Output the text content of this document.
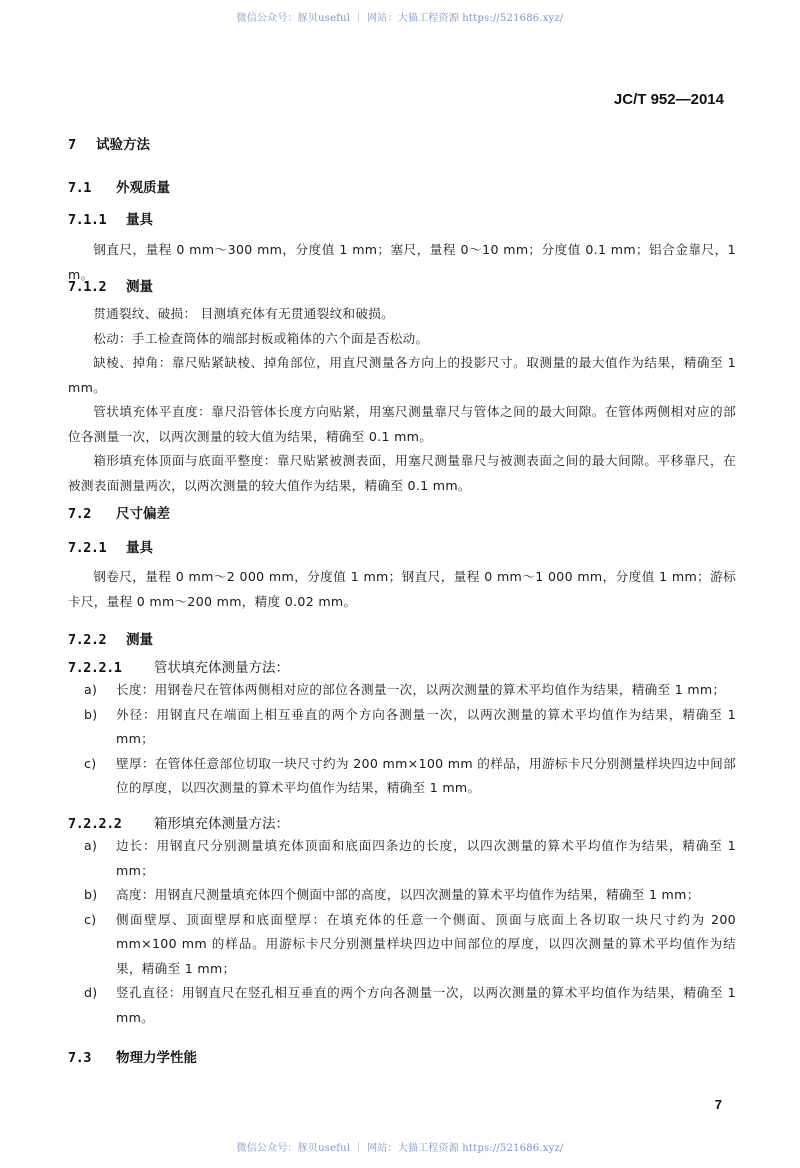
微信公众号：豚贝useful ｜ 网站：大猫工程资源 https://521686.xyz/
JC/T 952—2014
7 试验方法
7.1 外观质量
7.1.1 量具
钢直尺，量程 0 mm～300 mm，分度值 1 mm；塞尺，量程 0～10 mm；分度值 0.1 mm；铝合金靠尺，1 m。
7.1.2 测量
贯通裂纹、破损： 目测填充体有无贯通裂纹和破损。
松动：手工检查筒体的端部封板或箱体的六个面是否松动。
缺棱、掉角：靠尺贴紧缺棱、掉角部位，用直尺测量各方向上的投影尺寸。取测量的最大值作为结果，精确至 1 mm。
管状填充体平直度：靠尺沿管体长度方向贴紧，用塞尺测量靠尺与管体之间的最大间隙。在管体两侧相对应的部位各测量一次，以两次测量的较大值为结果，精确至 0.1 mm。
箱形填充体顶面与底面平整度：靠尺贴紧被测表面，用塞尺测量靠尺与被测表面之间的最大间隙。平移靠尺，在被测表面测量两次，以两次测量的较大值作为结果，精确至 0.1 mm。
7.2 尺寸偏差
7.2.1 量具
钢卷尺，量程 0 mm～2 000 mm，分度值 1 mm；钢直尺，量程 0 mm～1 000 mm，分度值 1 mm；游标卡尺，量程 0 mm～200 mm，精度 0.02 mm。
7.2.2 测量
7.2.2.1 管状填充体测量方法：
a) 长度：用钢卷尺在管体两侧相对应的部位各测量一次，以两次测量的算术平均值作为结果，精确至 1 mm；
b) 外径：用钢直尺在端面上相互垂直的两个方向各测量一次，以两次测量的算术平均值作为结果，精确至 1 mm；
c) 壁厚：在管体任意部位切取一块尺寸约为 200 mm×100 mm 的样品，用游标卡尺分别测量样块四边中间部位的厚度，以四次测量的算术平均值作为结果，精确至 1 mm。
7.2.2.2 箱形填充体测量方法：
a) 边长：用钢直尺分别测量填充体顶面和底面四条边的长度，以四次测量的算术平均值作为结果，精确至 1 mm；
b) 高度：用钢直尺测量填充体四个侧面中部的高度，以四次测量的算术平均值作为结果，精确至 1 mm；
c) 侧面壁厚、顶面壁厚和底面壁厚：在填充体的任意一个侧面、顶面与底面上各切取一块尺寸约为 200 mm×100 mm 的样品。用游标卡尺分别测量样块四边中间部位的厚度，以四次测量的算术平均值作为结果，精确至 1 mm；
d) 竖孔直径：用钢直尺在竖孔相互垂直的两个方向各测量一次，以两次测量的算术平均值作为结果，精确至 1 mm。
7.3 物理力学性能
7
微信公众号：豚贝useful ｜ 网站：大猫工程资源 https://521686.xyz/
